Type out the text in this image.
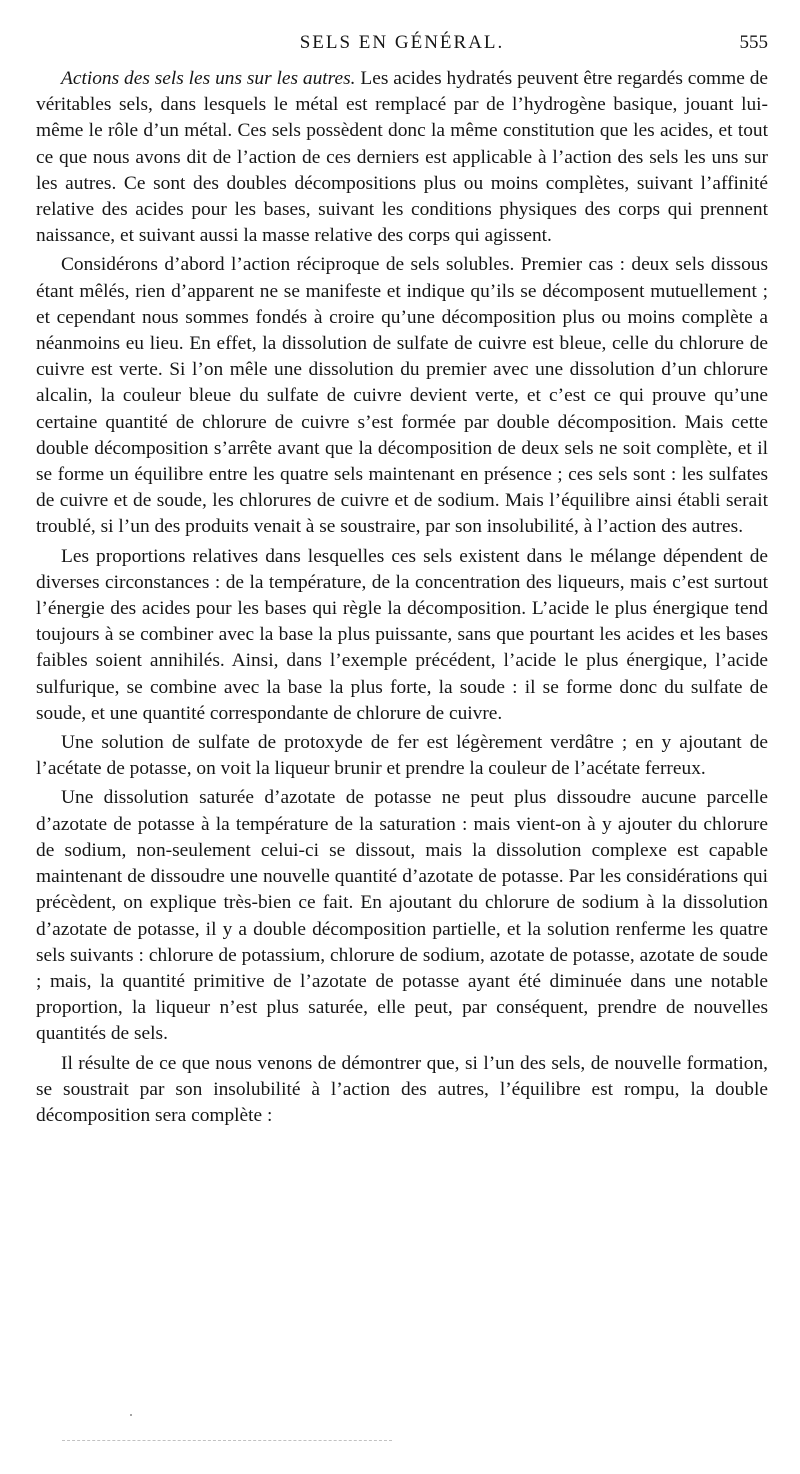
SELS EN GÉNÉRAL.	555

Actions des sels les uns sur les autres. Les acides hydratés peuvent être regardés comme de véritables sels, dans lesquels le métal est remplacé par de l’hydrogène basique, jouant lui-même le rôle d’un métal. Ces sels possèdent donc la même constitution que les acides, et tout ce que nous avons dit de l’action de ces derniers est applicable à l’action des sels les uns sur les autres. Ce sont des doubles décompositions plus ou moins complètes, suivant l’affinité relative des acides pour les bases, suivant les conditions physiques des corps qui prennent naissance, et suivant aussi la masse relative des corps qui agissent.

Considérons d’abord l’action réciproque de sels solubles. Premier cas : deux sels dissous étant mêlés, rien d’apparent ne se manifeste et indique qu’ils se décomposent mutuellement ; et cependant nous sommes fondés à croire qu’une décomposition plus ou moins complète a néanmoins eu lieu. En effet, la dissolution de sulfate de cuivre est bleue, celle du chlorure de cuivre est verte. Si l’on mêle une dissolution du premier avec une dissolution d’un chlorure alcalin, la couleur bleue du sulfate de cuivre devient verte, et c’est ce qui prouve qu’une certaine quantité de chlorure de cuivre s’est formée par double décomposition. Mais cette double décomposition s’arrête avant que la décomposition de deux sels ne soit complète, et il se forme un équilibre entre les quatre sels maintenant en présence ; ces sels sont : les sulfates de cuivre et de soude, les chlorures de cuivre et de sodium. Mais l’équilibre ainsi établi serait troublé, si l’un des produits venait à se soustraire, par son insolubilité, à l’action des autres.

Les proportions relatives dans lesquelles ces sels existent dans le mélange dépendent de diverses circonstances : de la température, de la concentration des liqueurs, mais c’est surtout l’énergie des acides pour les bases qui règle la décomposition. L’acide le plus énergique tend toujours à se combiner avec la base la plus puissante, sans que pourtant les acides et les bases faibles soient annihilés. Ainsi, dans l’exemple précédent, l’acide le plus énergique, l’acide sulfurique, se combine avec la base la plus forte, la soude : il se forme donc du sulfate de soude, et une quantité correspondante de chlorure de cuivre.

Une solution de sulfate de protoxyde de fer est légèrement verdâtre ; en y ajoutant de l’acétate de potasse, on voit la liqueur brunir et prendre la couleur de l’acétate ferreux.

Une dissolution saturée d’azotate de potasse ne peut plus dissoudre aucune parcelle d’azotate de potasse à la température de la saturation : mais vient-on à y ajouter du chlorure de sodium, non-seulement celui-ci se dissout, mais la dissolution complexe est capable maintenant de dissoudre une nouvelle quantité d’azotate de potasse. Par les considérations qui précèdent, on explique très-bien ce fait. En ajoutant du chlorure de sodium à la dissolution d’azotate de potasse, il y a double décomposition partielle, et la solution renferme les quatre sels suivants : chlorure de potassium, chlorure de sodium, azotate de potasse, azotate de soude ; mais, la quantité primitive de l’azotate de potasse ayant été diminuée dans une notable proportion, la liqueur n’est plus saturée, elle peut, par conséquent, prendre de nouvelles quantités de sels.

Il résulte de ce que nous venons de démontrer que, si l’un des sels, de nouvelle formation, se soustrait par son insolubilité à l’action des autres, l’équilibre est rompu, la double décomposition sera complète :
